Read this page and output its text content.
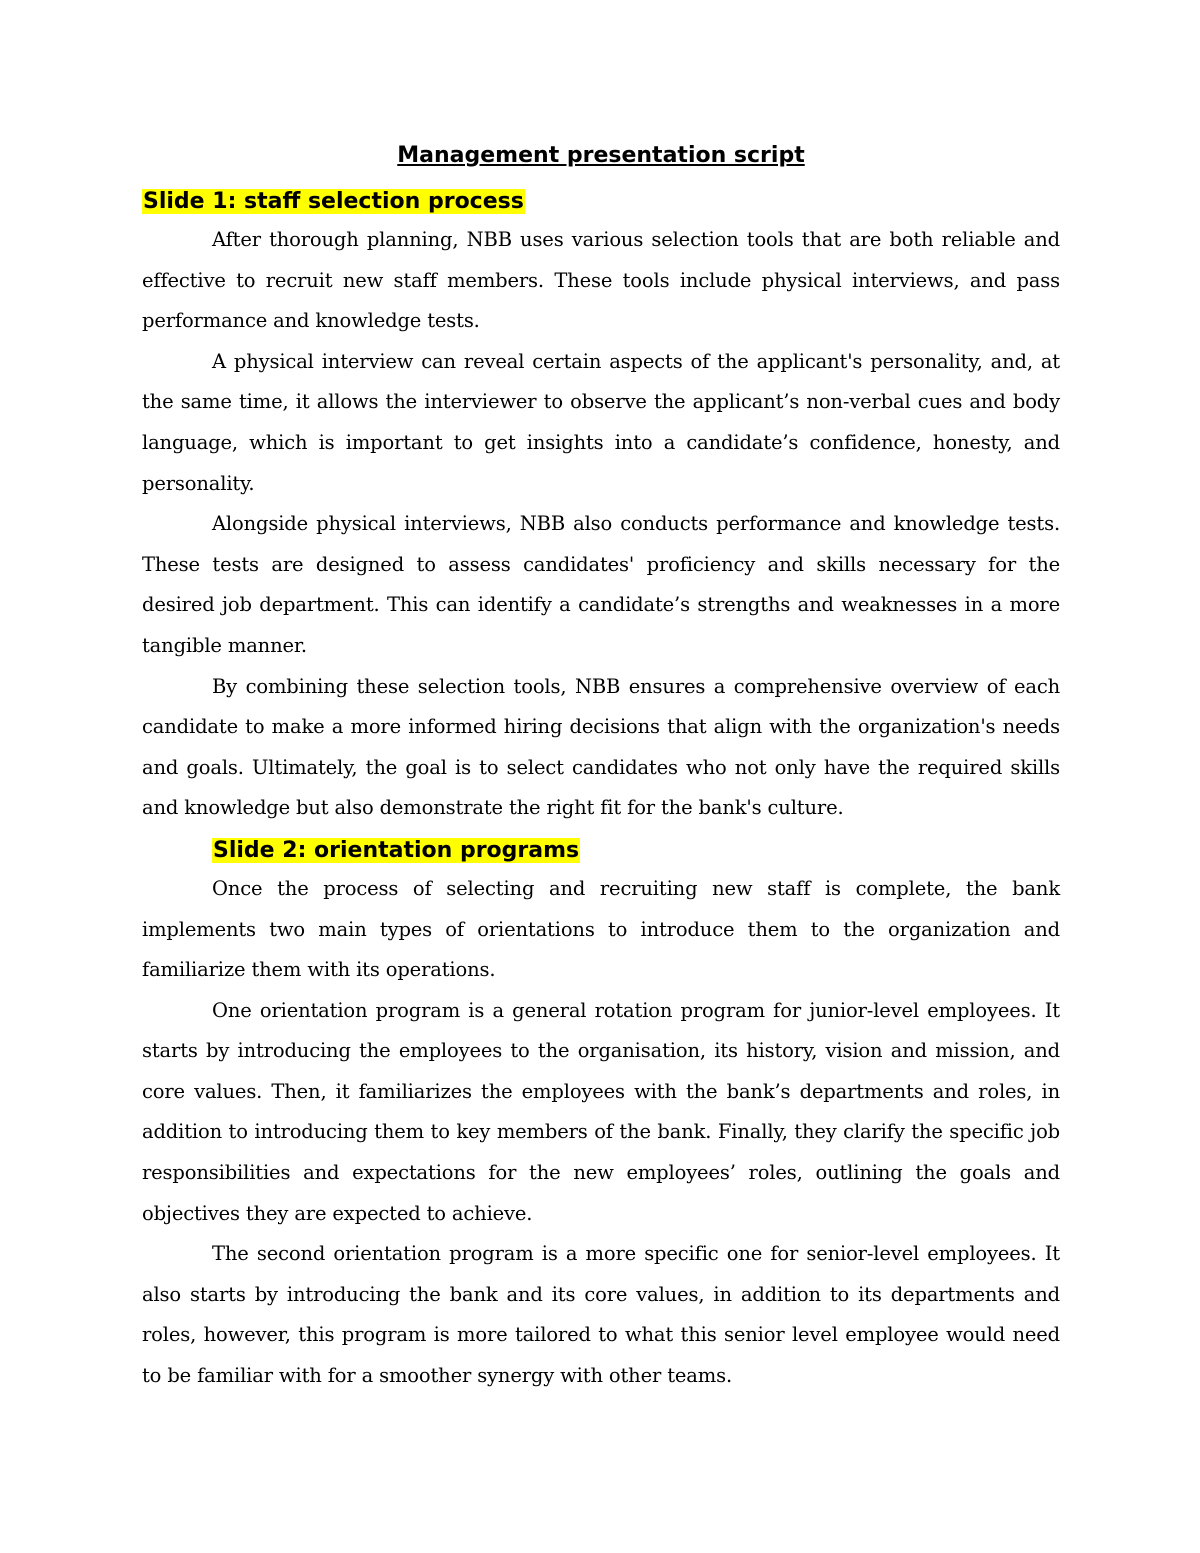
Management presentation script
Slide 1: staff selection process

After thorough planning, NBB uses various selection tools that are both reliable and effective to recruit new staff members. These tools include physical interviews, and pass performance and knowledge tests.

A physical interview can reveal certain aspects of the applicant's personality, and, at the same time, it allows the interviewer to observe the applicant’s non-verbal cues and body language, which is important to get insights into a candidate’s confidence, honesty, and personality.

Alongside physical interviews, NBB also conducts performance and knowledge tests. These tests are designed to assess candidates' proficiency and skills necessary for the desired job department. This can identify a candidate’s strengths and weaknesses in a more tangible manner.

By combining these selection tools, NBB ensures a comprehensive overview of each candidate to make a more informed hiring decisions that align with the organization's needs and goals. Ultimately, the goal is to select candidates who not only have the required skills and knowledge but also demonstrate the right fit for the bank's culture.

Slide 2: orientation programs

Once the process of selecting and recruiting new staff is complete, the bank implements two main types of orientations to introduce them to the organization and familiarize them with its operations.

One orientation program is a general rotation program for junior-level employees. It starts by introducing the employees to the organisation, its history, vision and mission, and core values. Then, it familiarizes the employees with the bank’s departments and roles, in addition to introducing them to key members of the bank. Finally, they clarify the specific job responsibilities and expectations for the new employees’ roles, outlining the goals and objectives they are expected to achieve.

The second orientation program is a more specific one for senior-level employees. It also starts by introducing the bank and its core values, in addition to its departments and roles, however, this program is more tailored to what this senior level employee would need to be familiar with for a smoother synergy with other teams.
